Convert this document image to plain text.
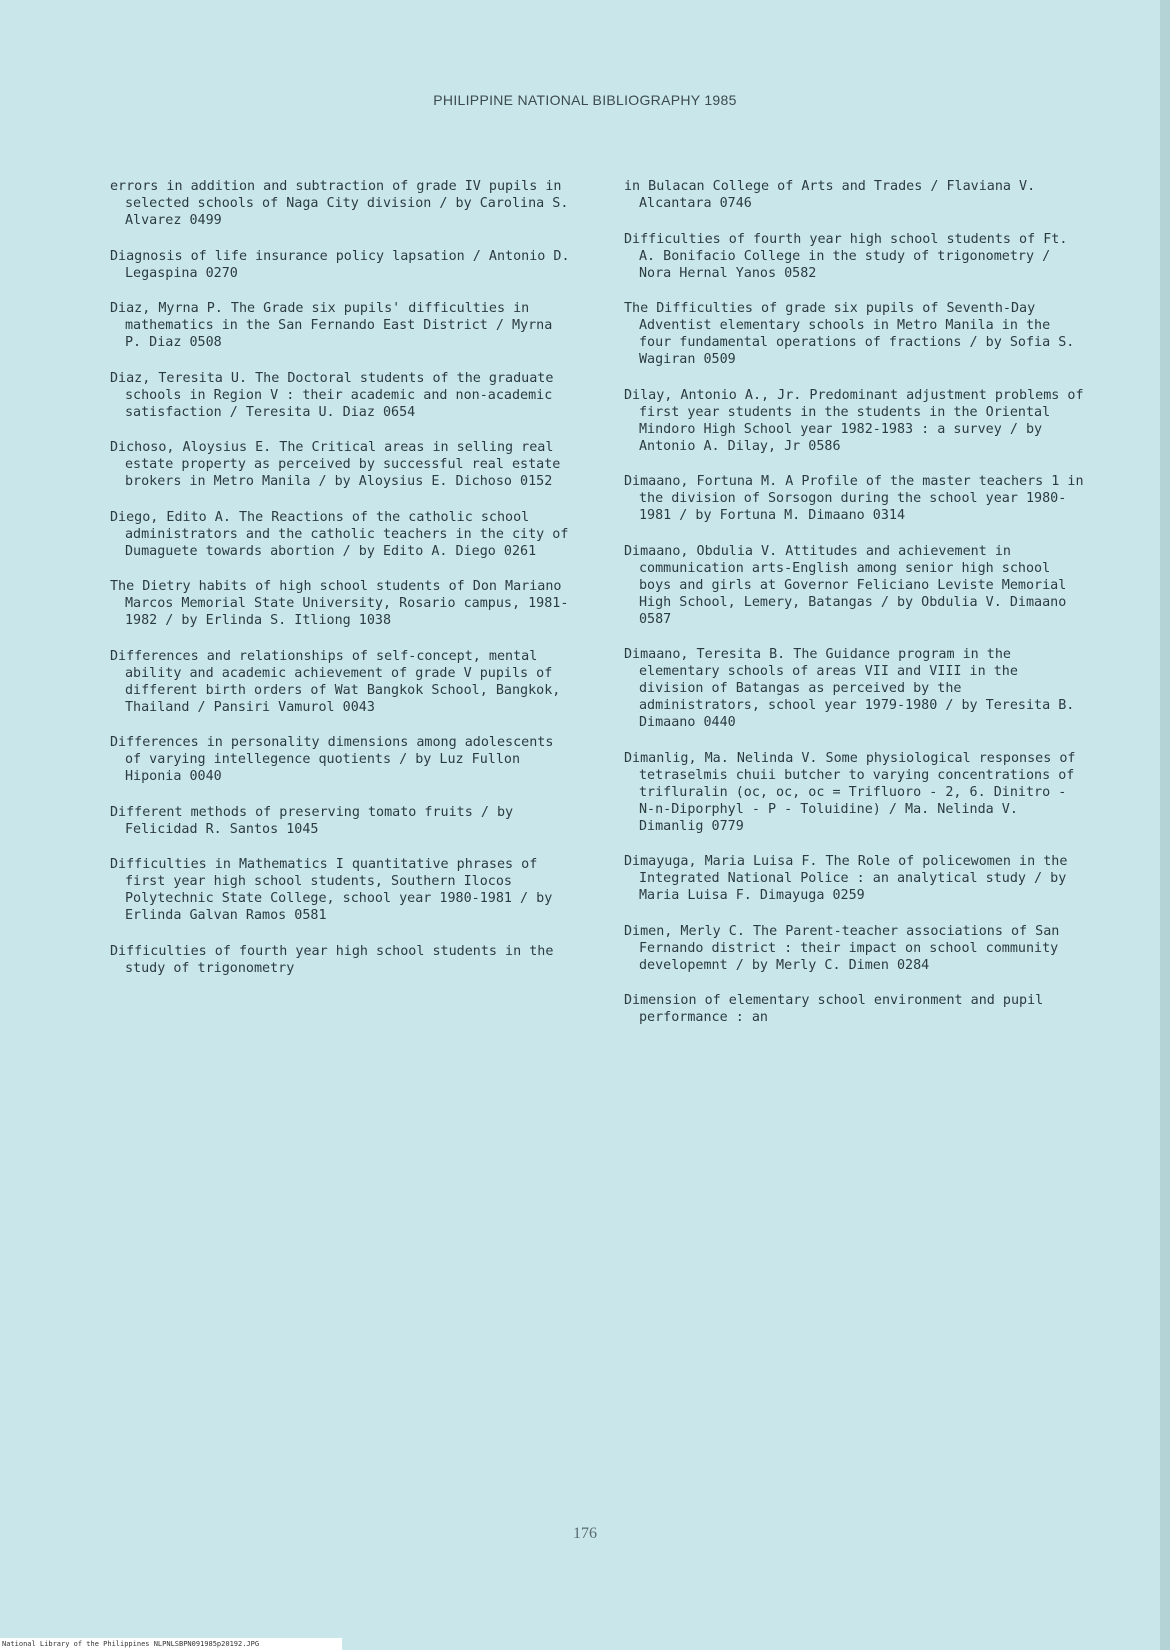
PHILIPPINE NATIONAL BIBLIOGRAPHY 1985

errors in addition and subtraction of grade IV pupils in selected schools of Naga City division / by Carolina S. Alvarez 0499

Diagnosis of life insurance policy lapsation / Antonio D. Legaspina 0270

Diaz, Myrna P. The Grade six pupils' difficulties in mathematics in the San Fernando East District / Myrna P. Diaz 0508

Diaz, Teresita U. The Doctoral students of the graduate schools in Region V : their academic and non-academic satisfaction / Teresita U. Diaz 0654

Dichoso, Aloysius E. The Critical areas in selling real estate property as perceived by successful real estate brokers in Metro Manila / by Aloysius E. Dichoso 0152

Diego, Edito A. The Reactions of the catholic school administrators and the catholic teachers in the city of Dumaguete towards abortion / by Edito A. Diego 0261

The Dietry habits of high school students of Don Mariano Marcos Memorial State University, Rosario campus, 1981-1982 / by Erlinda S. Itliong 1038

Differences and relationships of self-concept, mental ability and academic achievement of grade V pupils of different birth orders of Wat Bangkok School, Bangkok, Thailand / Pansiri Vamurol 0043

Differences in personality dimensions among adolescents of varying intellegence quotients / by Luz Fullon Hiponia 0040

Different methods of preserving tomato fruits / by Felicidad R. Santos 1045

Difficulties in Mathematics I quantitative phrases of first year high school students, Southern Ilocos Polytechnic State College, school year 1980-1981 / by Erlinda Galvan Ramos 0581

Difficulties of fourth year high school students in the study of trigonometry

in Bulacan College of Arts and Trades / Flaviana V. Alcantara 0746

Difficulties of fourth year high school students of Ft. A. Bonifacio College in the study of trigonometry / Nora Hernal Yanos 0582

The Difficulties of grade six pupils of Seventh-Day Adventist elementary schools in Metro Manila in the four fundamental operations of fractions / by Sofia S. Wagiran 0509

Dilay, Antonio A., Jr. Predominant adjustment problems of first year students in the students in the Oriental Mindoro High School year 1982-1983 : a survey / by Antonio A. Dilay, Jr 0586

Dimaano, Fortuna M. A Profile of the master teachers 1 in the division of Sorsogon during the school year 1980-1981 / by Fortuna M. Dimaano 0314

Dimaano, Obdulia V. Attitudes and achievement in communication arts-English among senior high school boys and girls at Governor Feliciano Leviste Memorial High School, Lemery, Batangas / by Obdulia V. Dimaano 0587

Dimaano, Teresita B. The Guidance program in the elementary schools of areas VII and VIII in the division of Batangas as perceived by the administrators, school year 1979-1980 / by Teresita B. Dimaano 0440

Dimanlig, Ma. Nelinda V. Some physiological responses of tetraselmis chuii butcher to varying concentrations of trifluralin (oc, oc, oc = Trifluoro - 2, 6. Dinitro - N-n-Diporphyl - P - Toluidine) / Ma. Nelinda V. Dimanlig 0779

Dimayuga, Maria Luisa F. The Role of policewomen in the Integrated National Police : an analytical study / by Maria Luisa F. Dimayuga 0259

Dimen, Merly C. The Parent-teacher associations of San Fernando district : their impact on school community developemnt / by Merly C. Dimen 0284

Dimension of elementary school environment and pupil performance : an

176
National Library of the Philippines NLPNLSBPN091985p20192.JPG
